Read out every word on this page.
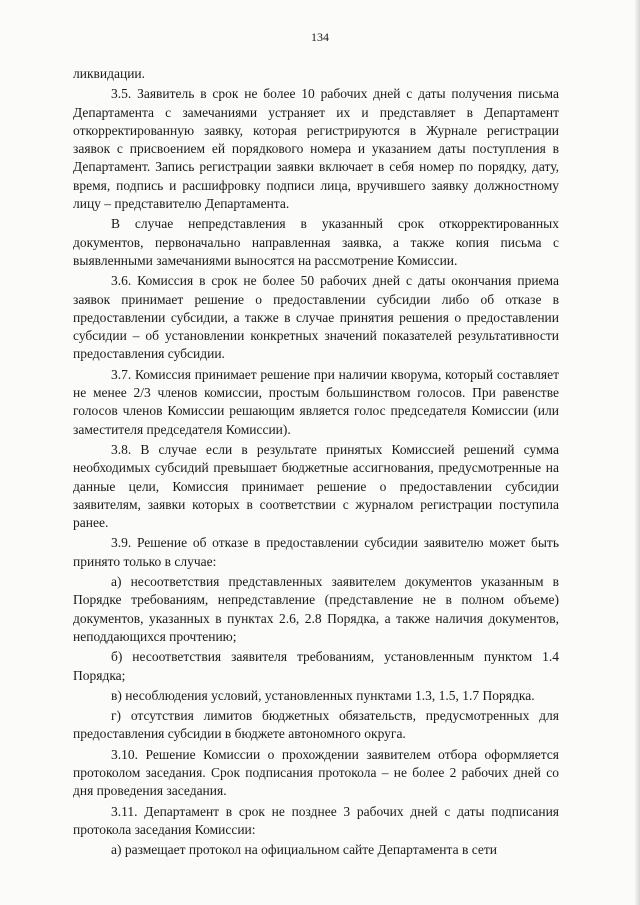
134

ликвидации.

3.5. Заявитель в срок не более 10 рабочих дней с даты получения письма Департамента с замечаниями устраняет их и представляет в Департамент откорректированную заявку, которая регистрируются в Журнале регистрации заявок с присвоением ей порядкового номера и указанием даты поступления в Департамент. Запись регистрации заявки включает в себя номер по порядку, дату, время, подпись и расшифровку подписи лица, вручившего заявку должностному лицу – представителю Департамента.

В случае непредставления в указанный срок откорректированных документов, первоначально направленная заявка, а также копия письма с выявленными замечаниями выносятся на рассмотрение Комиссии.

3.6. Комиссия в срок не более 50 рабочих дней с даты окончания приема заявок принимает решение о предоставлении субсидии либо об отказе в предоставлении субсидии, а также в случае принятия решения о предоставлении субсидии – об установлении конкретных значений показателей результативности предоставления субсидии.

3.7. Комиссия принимает решение при наличии кворума, который составляет не менее 2/3 членов комиссии, простым большинством голосов. При равенстве голосов членов Комиссии решающим является голос председателя Комиссии (или заместителя председателя Комиссии).

3.8. В случае если в результате принятых Комиссией решений сумма необходимых субсидий превышает бюджетные ассигнования, предусмотренные на данные цели, Комиссия принимает решение о предоставлении субсидии заявителям, заявки которых в соответствии с журналом регистрации поступила ранее.

3.9. Решение об отказе в предоставлении субсидии заявителю может быть принято только в случае:

а) несоответствия представленных заявителем документов указанным в Порядке требованиям, непредставление (представление не в полном объеме) документов, указанных в пунктах 2.6, 2.8 Порядка, а также наличия документов, неподдающихся прочтению;

б) несоответствия заявителя требованиям, установленным пунктом 1.4 Порядка;

в) несоблюдения условий, установленных пунктами 1.3, 1.5, 1.7 Порядка.

г) отсутствия лимитов бюджетных обязательств, предусмотренных для предоставления субсидии в бюджете автономного округа.

3.10. Решение Комиссии о прохождении заявителем отбора оформляется протоколом заседания. Срок подписания протокола – не более 2 рабочих дней со дня проведения заседания.

3.11. Департамент в срок не позднее 3 рабочих дней с даты подписания протокола заседания Комиссии:

а) размещает протокол на официальном сайте Департамента в сети
